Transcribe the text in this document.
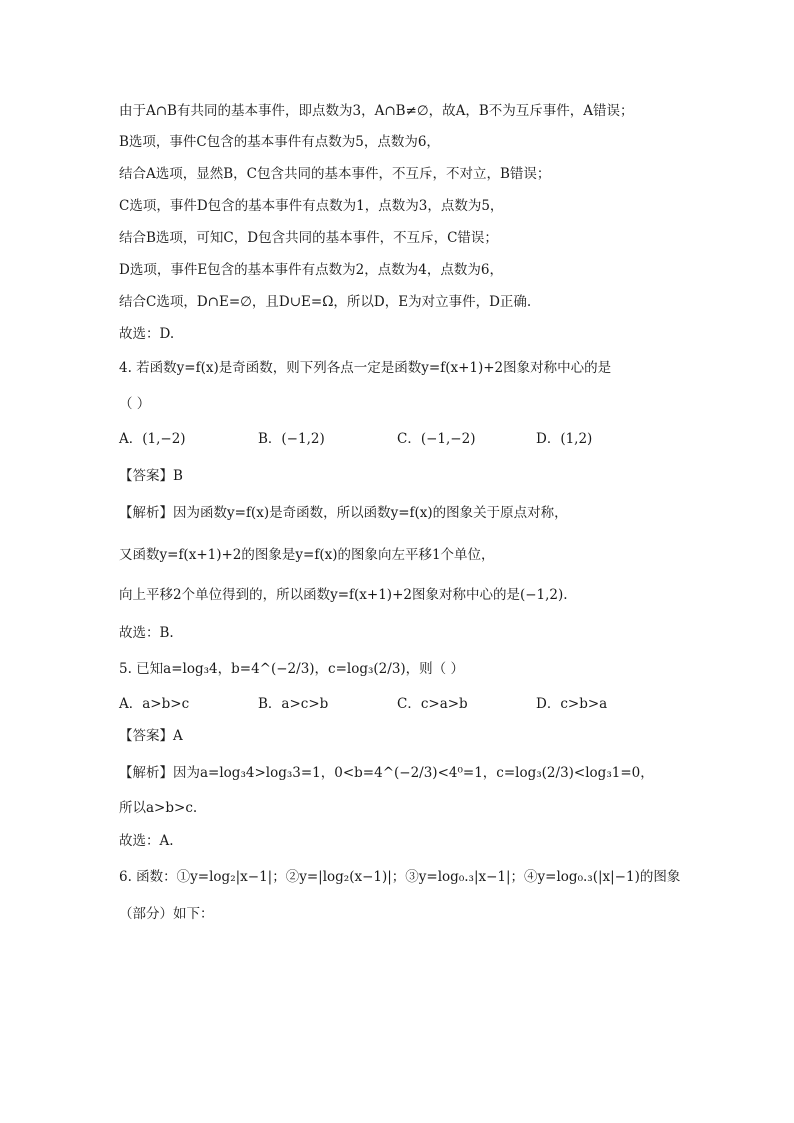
由于A∩B有共同的基本事件，即点数为3，A∩B≠∅，故A，B不为互斥事件，A错误；
B选项，事件C包含的基本事件有点数为5，点数为6，
结合A选项，显然B，C包含共同的基本事件，不互斥，不对立，B错误；
C选项，事件D包含的基本事件有点数为1，点数为3，点数为5，
结合B选项，可知C，D包含共同的基本事件，不互斥，C错误；
D选项，事件E包含的基本事件有点数为2，点数为4，点数为6，
结合C选项，D∩E=∅，且D∪E=Ω，所以D，E为对立事件，D正确.
故选：D.
4. 若函数y=f(x)是奇函数，则下列各点一定是函数y=f(x+1)+2图象对称中心的是
（ ）
A．(1,−2)	B．(−1,2)	C．(−1,−2)	D．(1,2)
【答案】B
【解析】因为函数y=f(x)是奇函数，所以函数y=f(x)的图象关于原点对称，
又函数y=f(x+1)+2的图象是y=f(x)的图象向左平移1个单位，
向上平移2个单位得到的，所以函数y=f(x+1)+2图象对称中心的是(−1,2).
故选：B.
5. 已知a=log₃4，b=4^(−2/3)，c=log₃(2/3)，则（ ）
A．a>b>c	B．a>c>b	C．c>a>b	D．c>b>a
【答案】A
【解析】因为a=log₃4>log₃3=1，0<b=4^(−2/3)<4⁰=1，c=log₃(2/3)<log₃1=0，
所以a>b>c.
故选：A.
6. 函数：①y=log₂|x−1|；②y=|log₂(x−1)|；③y=log₀.₃|x−1|；④y=log₀.₃(|x|−1)的图象
（部分）如下：
